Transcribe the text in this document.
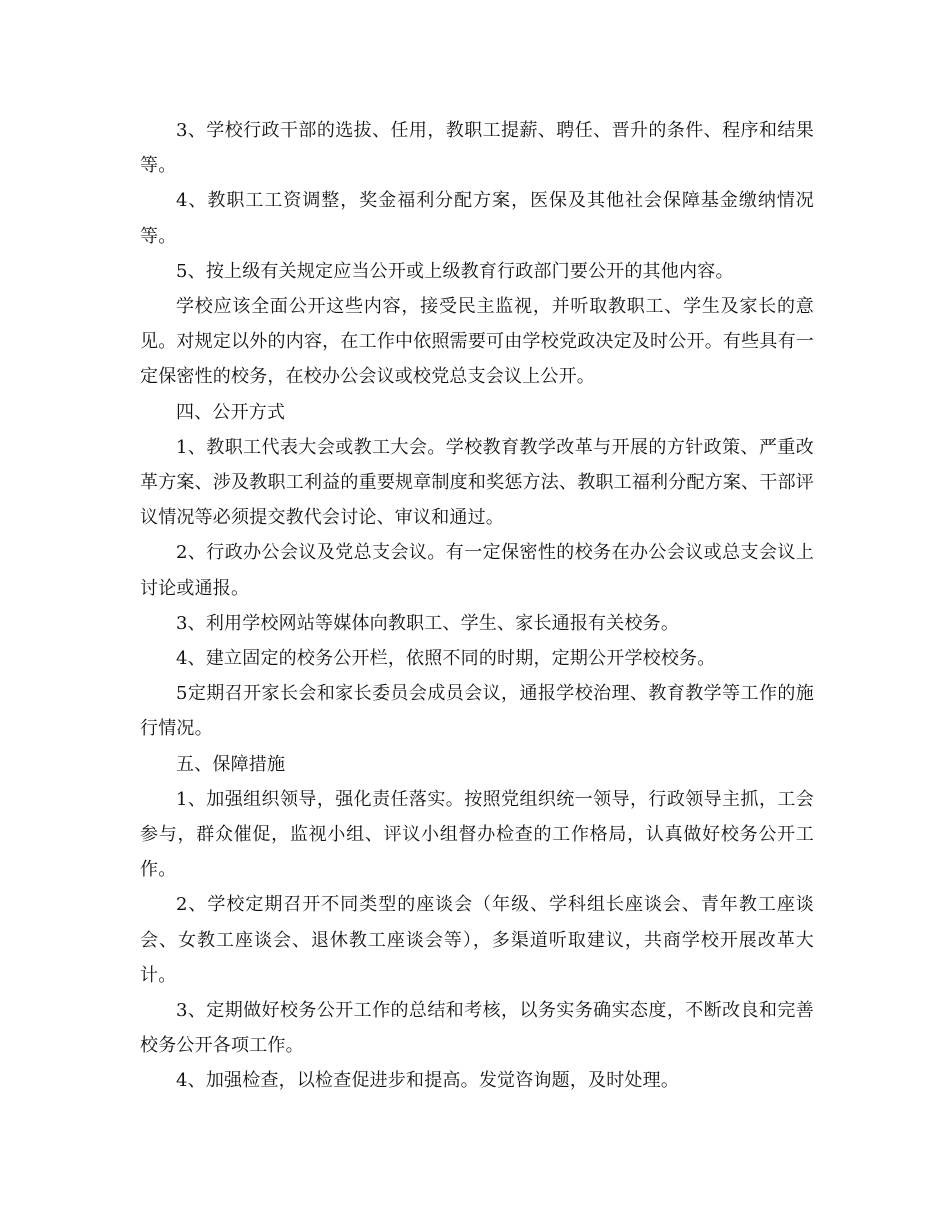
3、学校行政干部的选拔、任用，教职工提薪、聘任、晋升的条件、程序和结果等。

4、教职工工资调整，奖金福利分配方案，医保及其他社会保障基金缴纳情况等。

5、按上级有关规定应当公开或上级教育行政部门要公开的其他内容。

学校应该全面公开这些内容，接受民主监视，并听取教职工、学生及家长的意见。对规定以外的内容，在工作中依照需要可由学校党政决定及时公开。有些具有一定保密性的校务，在校办公会议或校党总支会议上公开。

四、公开方式

1、教职工代表大会或教工大会。学校教育教学改革与开展的方针政策、严重改革方案、涉及教职工利益的重要规章制度和奖惩方法、教职工福利分配方案、干部评议情况等必须提交教代会讨论、审议和通过。

2、行政办公会议及党总支会议。有一定保密性的校务在办公会议或总支会议上讨论或通报。

3、利用学校网站等媒体向教职工、学生、家长通报有关校务。

4、建立固定的校务公开栏，依照不同的时期，定期公开学校校务。

5定期召开家长会和家长委员会成员会议，通报学校治理、教育教学等工作的施行情况。

五、保障措施

1、加强组织领导，强化责任落实。按照党组织统一领导，行政领导主抓，工会参与，群众催促，监视小组、评议小组督办检查的工作格局，认真做好校务公开工作。

2、学校定期召开不同类型的座谈会（年级、学科组长座谈会、青年教工座谈会、女教工座谈会、退休教工座谈会等），多渠道听取建议，共商学校开展改革大计。

3、定期做好校务公开工作的总结和考核，以务实务确实态度，不断改良和完善校务公开各项工作。

4、加强检查，以检查促进步和提高。发觉咨询题，及时处理。
